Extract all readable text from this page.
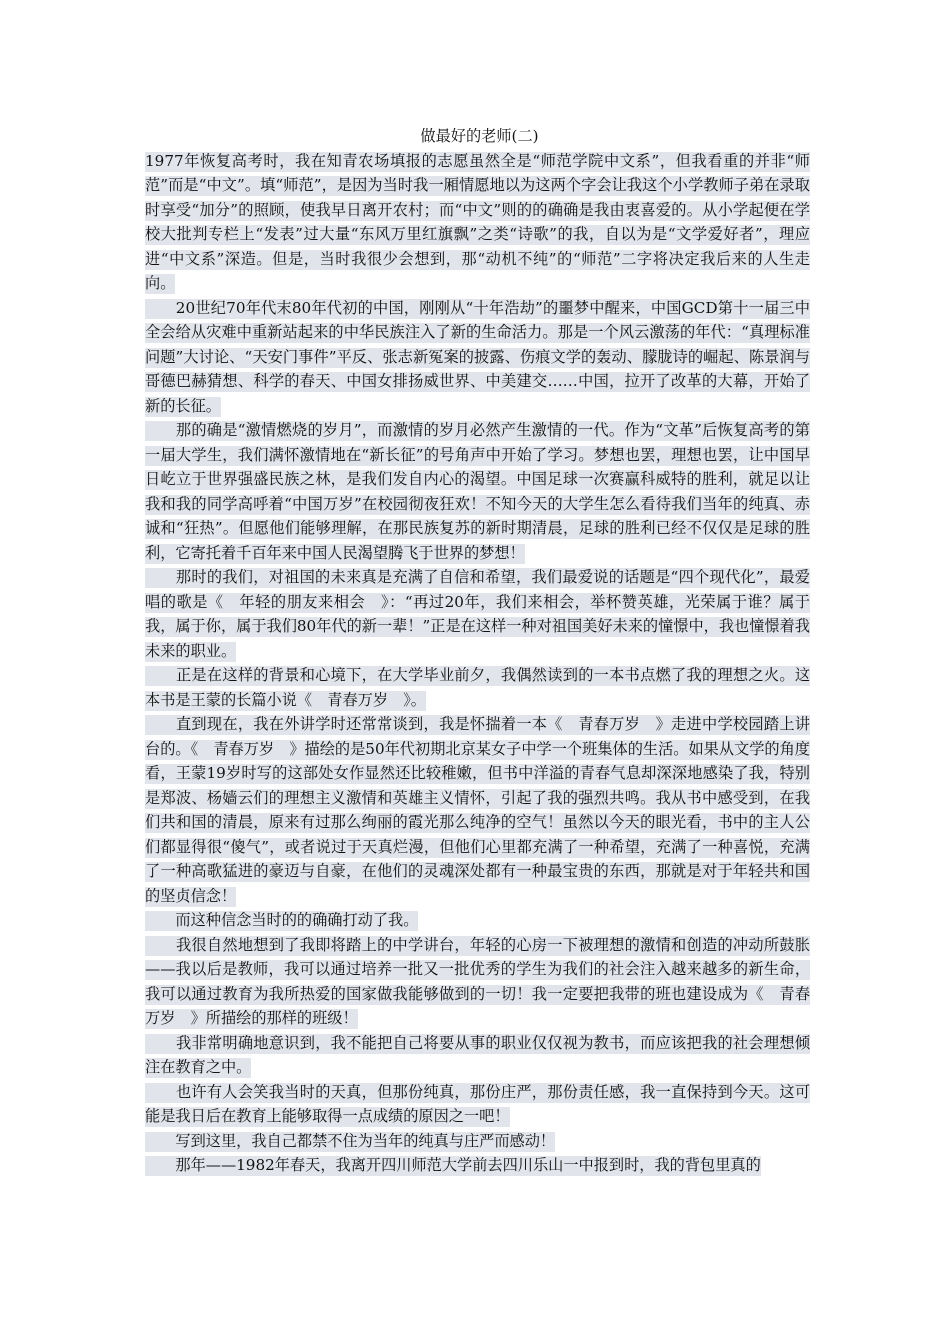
做最好的老师(二)

1977年恢复高考时，我在知青农场填报的志愿虽然全是“师范学院中文系”，但我看重的并非“师范”而是“中文”。填“师范”，是因为当时我一厢情愿地以为这两个字会让我这个小学教师子弟在录取时享受“加分”的照顾，使我早日离开农村；而“中文”则的的确确是我由衷喜爱的。从小学起便在学校大批判专栏上“发表”过大量“东风万里红旗飘”之类“诗歌”的我，自以为是“文学爱好者”，理应进“中文系”深造。但是，当时我很少会想到，那“动机不纯”的“师范”二字将决定我后来的人生走向。

　　20世纪70年代末80年代初的中国，刚刚从“十年浩劫”的噩梦中醒来，中国GCD第十一届三中全会给从灾难中重新站起来的中华民族注入了新的生命活力。那是一个风云激荡的年代：“真理标准问题”大讨论、“天安门事件”平反、张志新冤案的披露、伤痕文学的轰动、朦胧诗的崛起、陈景润与哥德巴赫猜想、科学的春天、中国女排扬威世界、中美建交……中国，拉开了改革的大幕，开始了新的长征。

　　那的确是“激情燃烧的岁月”，而激情的岁月必然产生激情的一代。作为“文革”后恢复高考的第一届大学生，我们满怀激情地在“新长征”的号角声中开始了学习。梦想也罢，理想也罢，让中国早日屹立于世界强盛民族之林，是我们发自内心的渴望。中国足球一次赛赢科威特的胜利，就足以让我和我的同学高呼着“中国万岁”在校园彻夜狂欢！不知今天的大学生怎么看待我们当年的纯真、赤诚和“狂热”。但愿他们能够理解，在那民族复苏的新时期清晨，足球的胜利已经不仅仅是足球的胜利，它寄托着千百年来中国人民渴望腾飞于世界的梦想！

　　那时的我们，对祖国的未来真是充满了自信和希望，我们最爱说的话题是“四个现代化”，最爱唱的歌是《　年轻的朋友来相会　》：“再过20年，我们来相会，举杯赞英雄，光荣属于谁？属于我，属于你，属于我们80年代的新一辈！”正是在这样一种对祖国美好未来的憧憬中，我也憧憬着我未来的职业。

　　正是在这样的背景和心境下，在大学毕业前夕，我偶然读到的一本书点燃了我的理想之火。这本书是王蒙的长篇小说《　青春万岁　》。

　　直到现在，我在外讲学时还常常谈到，我是怀揣着一本《　青春万岁　》走进中学校园踏上讲台的。《　青春万岁　》描绘的是50年代初期北京某女子中学一个班集体的生活。如果从文学的角度看，王蒙19岁时写的这部处女作显然还比较稚嫩，但书中洋溢的青春气息却深深地感染了我，特别是郑波、杨嫱云们的理想主义激情和英雄主义情怀，引起了我的强烈共鸣。我从书中感受到，在我们共和国的清晨，原来有过那么绚丽的霞光那么纯净的空气！虽然以今天的眼光看，书中的主人公们都显得很“傻气”，或者说过于天真烂漫，但他们心里都充满了一种希望，充满了一种喜悦，充满了一种高歌猛进的豪迈与自豪，在他们的灵魂深处都有一种最宝贵的东西，那就是对于年轻共和国的坚贞信念！

　　而这种信念当时的的确确打动了我。

　　我很自然地想到了我即将踏上的中学讲台，年轻的心房一下被理想的激情和创造的冲动所鼓胀——我以后是教师，我可以通过培养一批又一批优秀的学生为我们的社会注入越来越多的新生命，我可以通过教育为我所热爱的国家做我能够做到的一切！我一定要把我带的班也建设成为《　青春万岁　》所描绘的那样的班级！

　　我非常明确地意识到，我不能把自己将要从事的职业仅仅视为教书，而应该把我的社会理想倾注在教育之中。

　　也许有人会笑我当时的天真，但那份纯真，那份庄严，那份责任感，我一直保持到今天。这可能是我日后在教育上能够取得一点成绩的原因之一吧！

　　写到这里，我自己都禁不住为当年的纯真与庄严而感动！

　　那年——1982年春天，我离开四川师范大学前去四川乐山一中报到时，我的背包里真的
